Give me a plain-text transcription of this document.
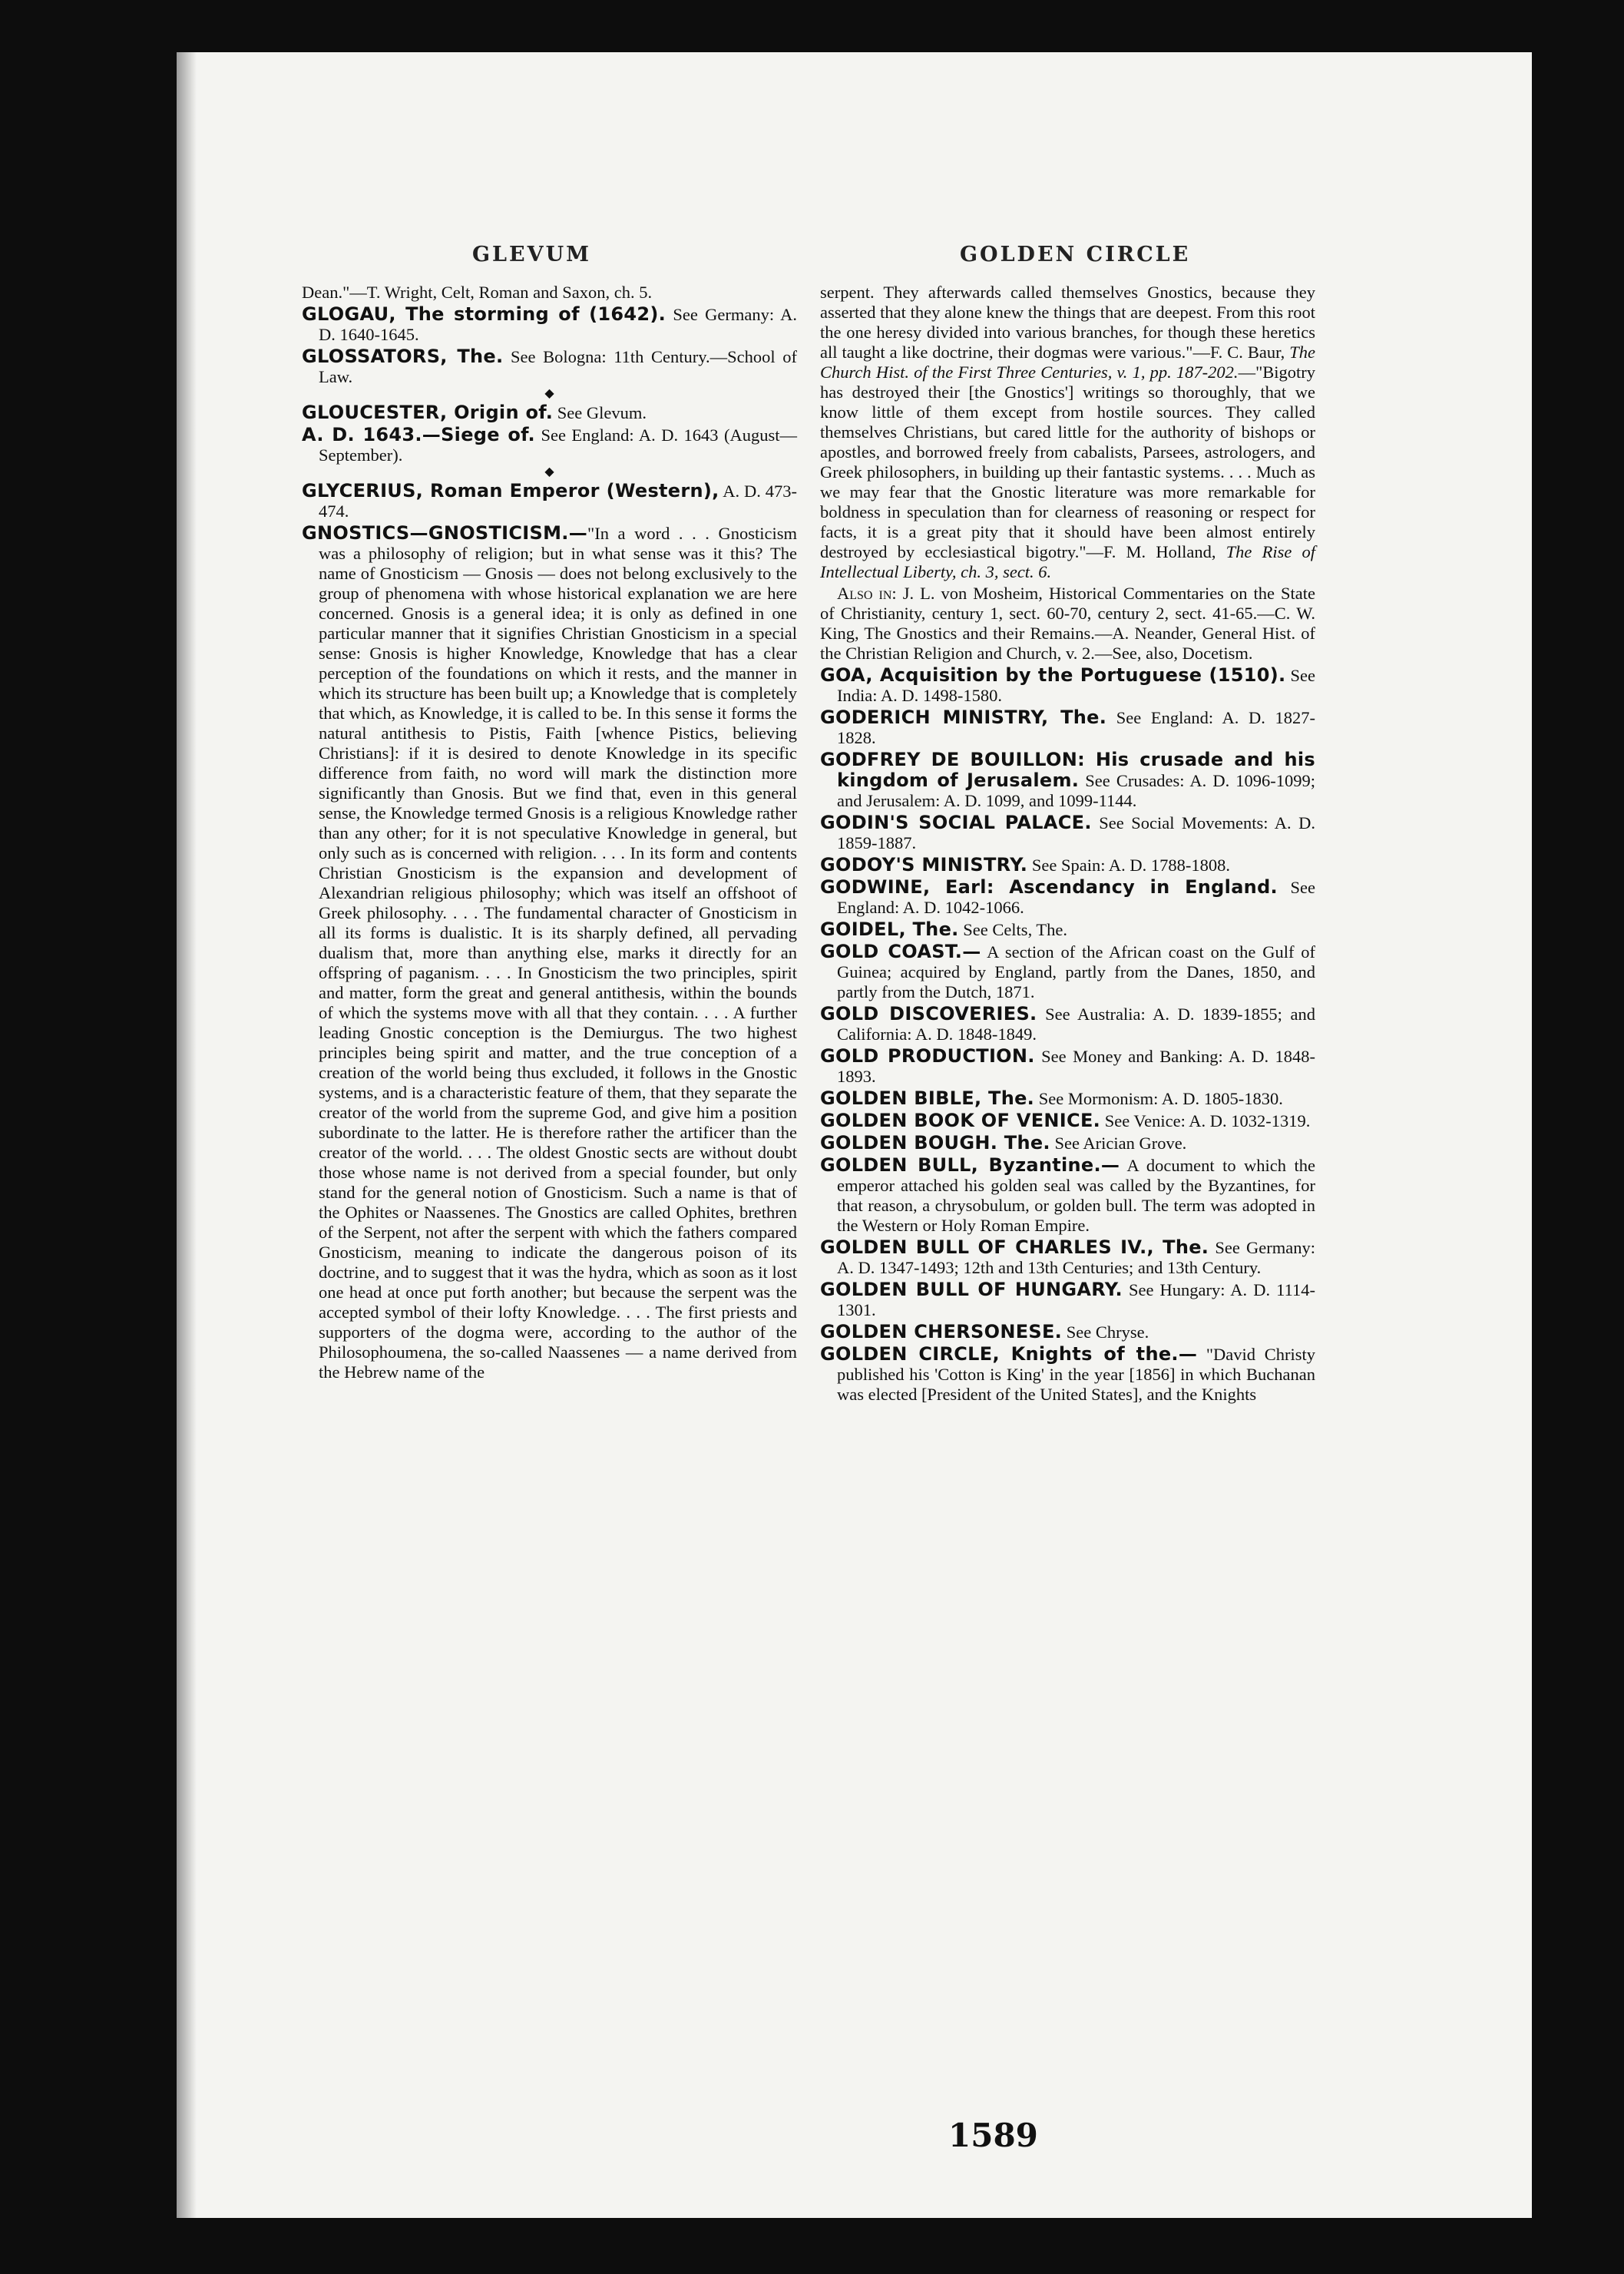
GLEVUM	GOLDEN CIRCLE

Dean."—T. Wright, Celt, Roman and Saxon, ch. 5.

GLOGAU, The storming of (1642). See Germany: A. D. 1640-1645.

GLOSSATORS, The. See Bologna: 11th Century.—School of Law.

◆

GLOUCESTER, Origin of. See Glevum.

A. D. 1643.—Siege of. See England: A. D. 1643 (August—September).

◆

GLYCERIUS, Roman Emperor (Western), A. D. 473-474.

GNOSTICS—GNOSTICISM.—"In a word . . . Gnosticism was a philosophy of religion; but in what sense was it this? The name of Gnosticism — Gnosis — does not belong exclusively to the group of phenomena with whose historical explanation we are here concerned. Gnosis is a general idea; it is only as defined in one particular manner that it signifies Christian Gnosticism in a special sense: Gnosis is higher Knowledge, Knowledge that has a clear perception of the foundations on which it rests, and the manner in which its structure has been built up; a Knowledge that is completely that which, as Knowledge, it is called to be. In this sense it forms the natural antithesis to Pistis, Faith [whence Pistics, believing Christians]: if it is desired to denote Knowledge in its specific difference from faith, no word will mark the distinction more significantly than Gnosis. But we find that, even in this general sense, the Knowledge termed Gnosis is a religious Knowledge rather than any other; for it is not speculative Knowledge in general, but only such as is concerned with religion. . . . In its form and contents Christian Gnosticism is the expansion and development of Alexandrian religious philosophy; which was itself an offshoot of Greek philosophy. . . . The fundamental character of Gnosticism in all its forms is dualistic. It is its sharply defined, all pervading dualism that, more than anything else, marks it directly for an offspring of paganism. . . . In Gnosticism the two principles, spirit and matter, form the great and general antithesis, within the bounds of which the systems move with all that they contain. . . . A further leading Gnostic conception is the Demiurgus. The two highest principles being spirit and matter, and the true conception of a creation of the world being thus excluded, it follows in the Gnostic systems, and is a characteristic feature of them, that they separate the creator of the world from the supreme God, and give him a position subordinate to the latter. He is therefore rather the artificer than the creator of the world. . . . The oldest Gnostic sects are without doubt those whose name is not derived from a special founder, but only stand for the general notion of Gnosticism. Such a name is that of the Ophites or Naassenes. The Gnostics are called Ophites, brethren of the Serpent, not after the serpent with which the fathers compared Gnosticism, meaning to indicate the dangerous poison of its doctrine, and to suggest that it was the hydra, which as soon as it lost one head at once put forth another; but because the serpent was the accepted symbol of their lofty Knowledge. . . . The first priests and supporters of the dogma were, according to the author of the Philosophoumena, the so-called Naassenes — a name derived from the Hebrew name of the

serpent. They afterwards called themselves Gnostics, because they asserted that they alone knew the things that are deepest. From this root the one heresy divided into various branches, for though these heretics all taught a like doctrine, their dogmas were various."—F. C. Baur, The Church Hist. of the First Three Centuries, v. 1, pp. 187-202.—"Bigotry has destroyed their [the Gnostics'] writings so thoroughly, that we know little of them except from hostile sources. They called themselves Christians, but cared little for the authority of bishops or apostles, and borrowed freely from cabalists, Parsees, astrologers, and Greek philosophers, in building up their fantastic systems. . . . Much as we may fear that the Gnostic literature was more remarkable for boldness in speculation than for clearness of reasoning or respect for facts, it is a great pity that it should have been almost entirely destroyed by ecclesiastical bigotry."—F. M. Holland, The Rise of Intellectual Liberty, ch. 3, sect. 6.

Also in: J. L. von Mosheim, Historical Commentaries on the State of Christianity, century 1, sect. 60-70, century 2, sect. 41-65.—C. W. King, The Gnostics and their Remains.—A. Neander, General Hist. of the Christian Religion and Church, v. 2.—See, also, Docetism.

GOA, Acquisition by the Portuguese (1510). See India: A. D. 1498-1580.

GODERICH MINISTRY, The. See England: A. D. 1827-1828.

GODFREY DE BOUILLON: His crusade and his kingdom of Jerusalem. See Crusades: A. D. 1096-1099; and Jerusalem: A. D. 1099, and 1099-1144.

GODIN'S SOCIAL PALACE. See Social Movements: A. D. 1859-1887.

GODOY'S MINISTRY. See Spain: A. D. 1788-1808.

GODWINE, Earl: Ascendancy in England. See England: A. D. 1042-1066.

GOIDEL, The. See Celts, The.

GOLD COAST.— A section of the African coast on the Gulf of Guinea; acquired by England, partly from the Danes, 1850, and partly from the Dutch, 1871.

GOLD DISCOVERIES. See Australia: A. D. 1839-1855; and California: A. D. 1848-1849.

GOLD PRODUCTION. See Money and Banking: A. D. 1848-1893.

GOLDEN BIBLE, The. See Mormonism: A. D. 1805-1830.

GOLDEN BOOK OF VENICE. See Venice: A. D. 1032-1319.

GOLDEN BOUGH. The. See Arician Grove.

GOLDEN BULL, Byzantine.— A document to which the emperor attached his golden seal was called by the Byzantines, for that reason, a chrysobulum, or golden bull. The term was adopted in the Western or Holy Roman Empire.

GOLDEN BULL OF CHARLES IV., The. See Germany: A. D. 1347-1493; 12th and 13th Centuries; and 13th Century.

GOLDEN BULL OF HUNGARY. See Hungary: A. D. 1114-1301.

GOLDEN CHERSONESE. See Chryse.

GOLDEN CIRCLE, Knights of the.— "David Christy published his 'Cotton is King' in the year [1856] in which Buchanan was elected [President of the United States], and the Knights

1589
